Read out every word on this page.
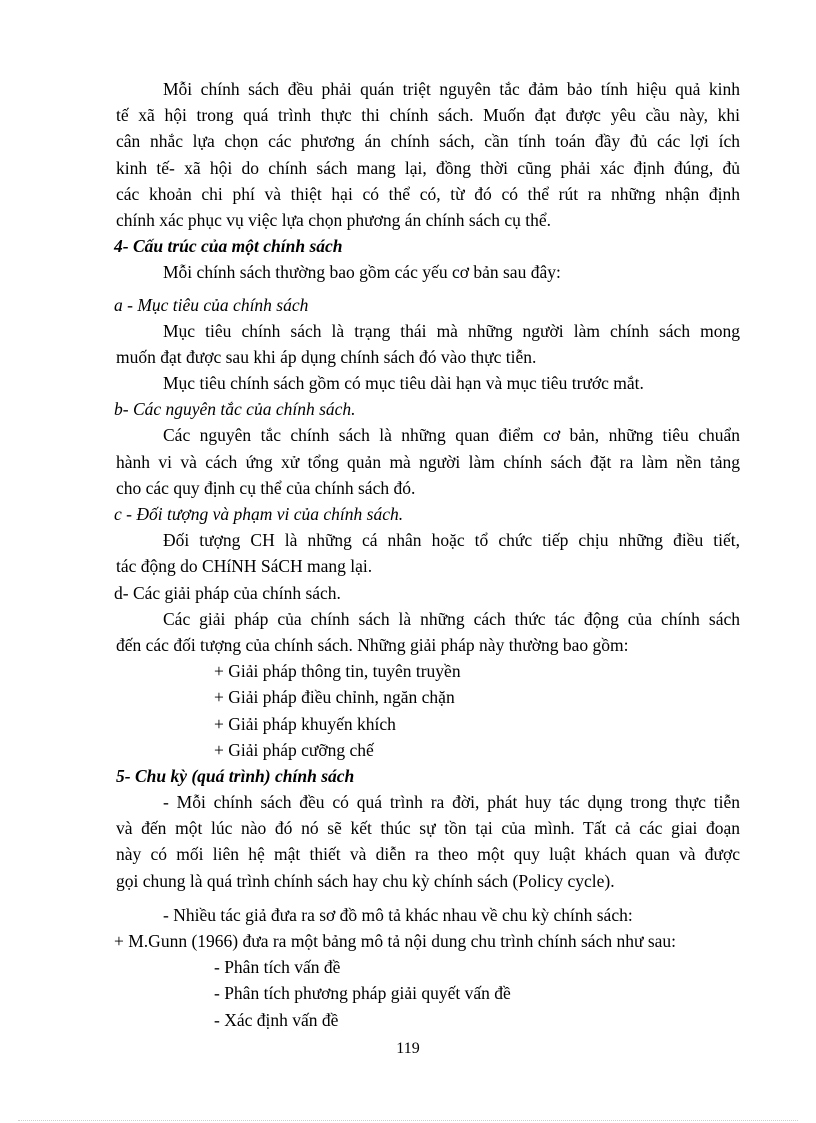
Mỗi chính sách đều phải quán triệt nguyên tắc đảm bảo tính hiệu quả kinh
tế xã hội trong quá trình thực thi chính sách. Muốn đạt được yêu cầu này, khi
cân nhắc lựa chọn các phương án chính sách, cần tính toán đầy đủ các lợi ích
kinh tế- xã hội do chính sách mang lại, đồng thời cũng phải xác định đúng, đủ
các khoản chi phí và thiệt hại có thể có, từ đó có thể rút ra những nhận định
chính xác phục vụ việc lựa chọn phương án chính sách cụ thể.
4- Cấu trúc của một chính sách
Mỗi chính sách thường bao gồm các yếu cơ bản sau đây:
a - Mục tiêu của chính sách
Mục tiêu chính sách là trạng thái mà những người làm chính sách mong
muốn đạt được sau khi áp dụng chính sách đó vào thực tiễn.
Mục tiêu chính sách gồm có mục tiêu dài hạn và mục tiêu trước mắt.
b- Các nguyên tắc của chính sách.
Các nguyên tắc chính sách là những quan điểm cơ bản, những tiêu chuẩn
hành vi và cách ứng xử tổng quản mà người làm chính sách đặt ra làm nền tảng
cho các quy định cụ thể của chính sách đó.
c - Đối tượng và phạm vi của chính sách.
Đối tượng CH là những cá nhân hoặc tổ chức tiếp chịu những điều tiết,
tác động do CHíNH SáCH mang lại.
d- Các giải pháp của chính sách.
Các giải pháp của chính sách là những cách thức tác động của chính sách
đến các đối tượng của chính sách. Những giải pháp này thường bao gồm:
+ Giải pháp thông tin, tuyên truyền
+ Giải pháp điều chỉnh, ngăn chặn
+ Giải pháp khuyến khích
+ Giải pháp cưỡng chế
5- Chu kỳ (quá trình) chính sách
- Mỗi chính sách đều có quá trình ra đời, phát huy tác dụng trong thực tiễn
và đến một lúc nào đó nó sẽ kết thúc sự tồn tại của mình. Tất cả các giai đoạn
này có mối liên hệ mật thiết và diễn ra theo một quy luật khách quan và được
gọi chung là quá trình chính sách hay chu kỳ chính sách (Policy cycle).
- Nhiều tác giả đưa ra sơ đồ mô tả khác nhau về chu kỳ chính sách:
+ M.Gunn (1966) đưa ra một bảng mô tả nội dung chu trình chính sách như sau:
- Phân tích vấn đề
- Phân tích phương pháp giải quyết vấn đề
- Xác định vấn đề
119
